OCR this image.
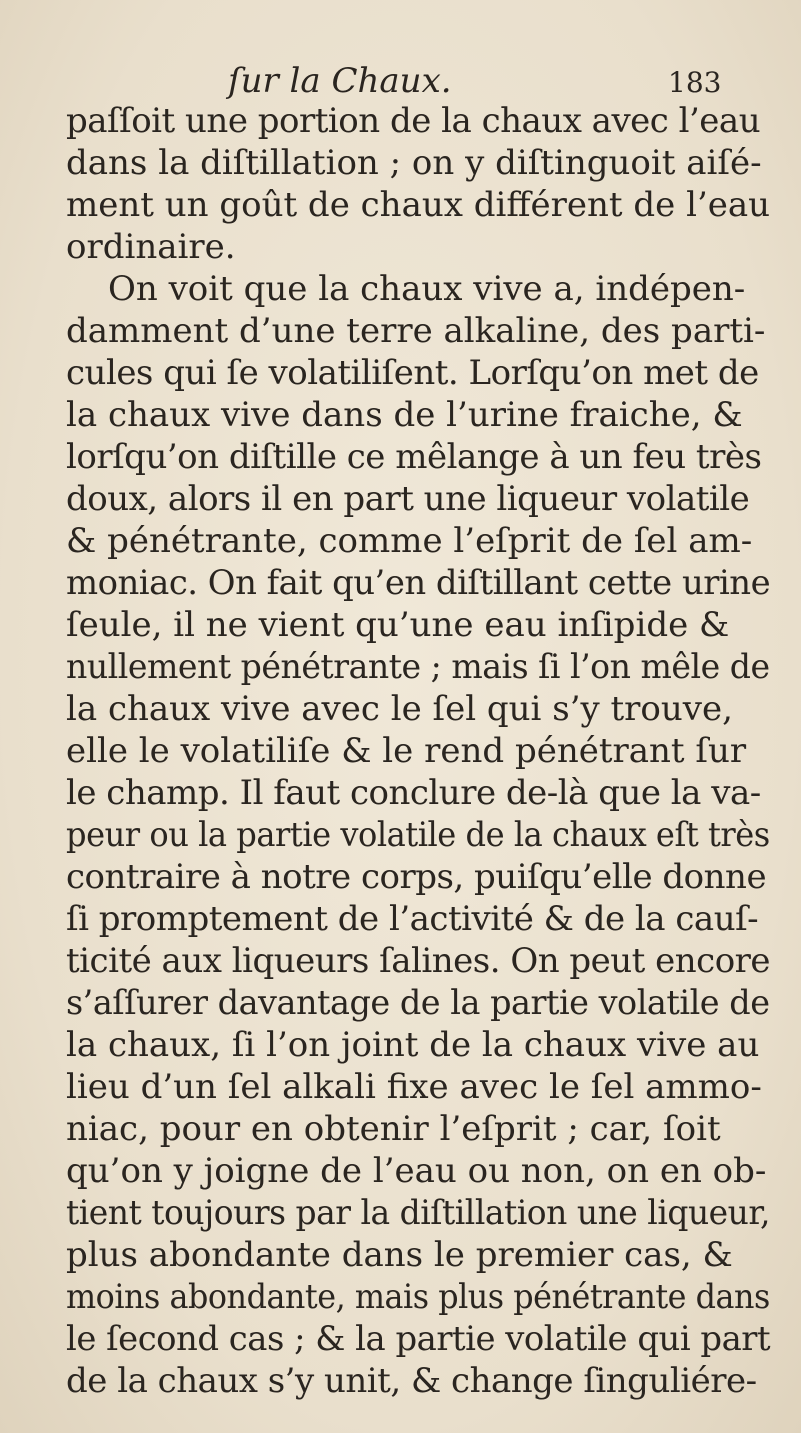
ſur la Chaux.	183
paſſoit une portion de la chaux avec l’eau
dans la diſtillation ; on y diſtinguoit aiſé-
ment un goût de chaux différent de l’eau
ordinaire.
On voit que la chaux vive a, indépen-
damment d’une terre alkaline, des parti-
cules qui ſe volatiliſent. Lorſqu’on met de
la chaux vive dans de l’urine fraiche, &
lorſqu’on diſtille ce mêlange à un feu très
doux, alors il en part une liqueur volatile
& pénétrante, comme l’eſprit de ſel am-
moniac. On fait qu’en diſtillant cette urine
ſeule, il ne vient qu’une eau inſipide &
nullement pénétrante ; mais ſi l’on mêle de
la chaux vive avec le ſel qui s’y trouve,
elle le volatiliſe & le rend pénétrant ſur
le champ. Il faut conclure de-là que la va-
peur ou la partie volatile de la chaux eſt très
contraire à notre corps, puiſqu’elle donne
ſi promptement de l’activité & de la cauſ-
ticité aux liqueurs ſalines. On peut encore
s’aſſurer davantage de la partie volatile de
la chaux, ſi l’on joint de la chaux vive au
lieu d’un ſel alkali fixe avec le ſel ammo-
niac, pour en obtenir l’eſprit ; car, ſoit
qu’on y joigne de l’eau ou non, on en ob-
tient toujours par la diſtillation une liqueur,
plus abondante dans le premier cas, &
moins abondante, mais plus pénétrante dans
le ſecond cas ; & la partie volatile qui part
de la chaux s’y unit, & change ſinguliére-
